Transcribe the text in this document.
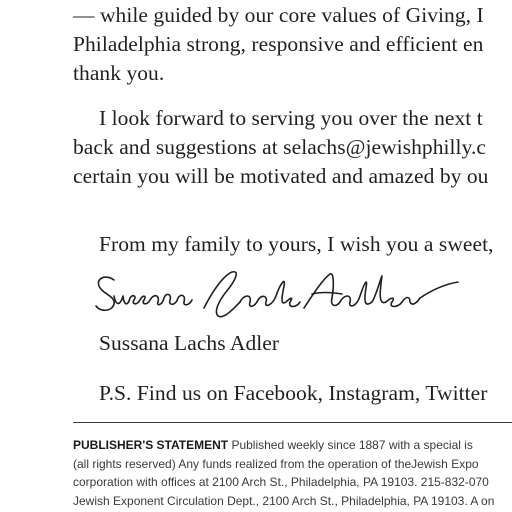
— while guided by our core values of Giving, I
Philadelphia strong, responsive and efficient en
thank you.
I look forward to serving you over the next t
back and suggestions at selachs@jewishphilly.c
certain you will be motivated and amazed by ou
From my family to yours, I wish you a sweet,
Sussana Lachs Adler
P.S. Find us on Facebook, Instagram, Twitter
PUBLISHER'S STATEMENT Published weekly since 1887 with a special is
(all rights reserved) Any funds realized from the operation of theJewish Expo
corporation with offices at 2100 Arch St., Philadelphia, PA 19103. 215-832-070
Jewish Exponent Circulation Dept., 2100 Arch St., Philadelphia, PA 19103. A on
